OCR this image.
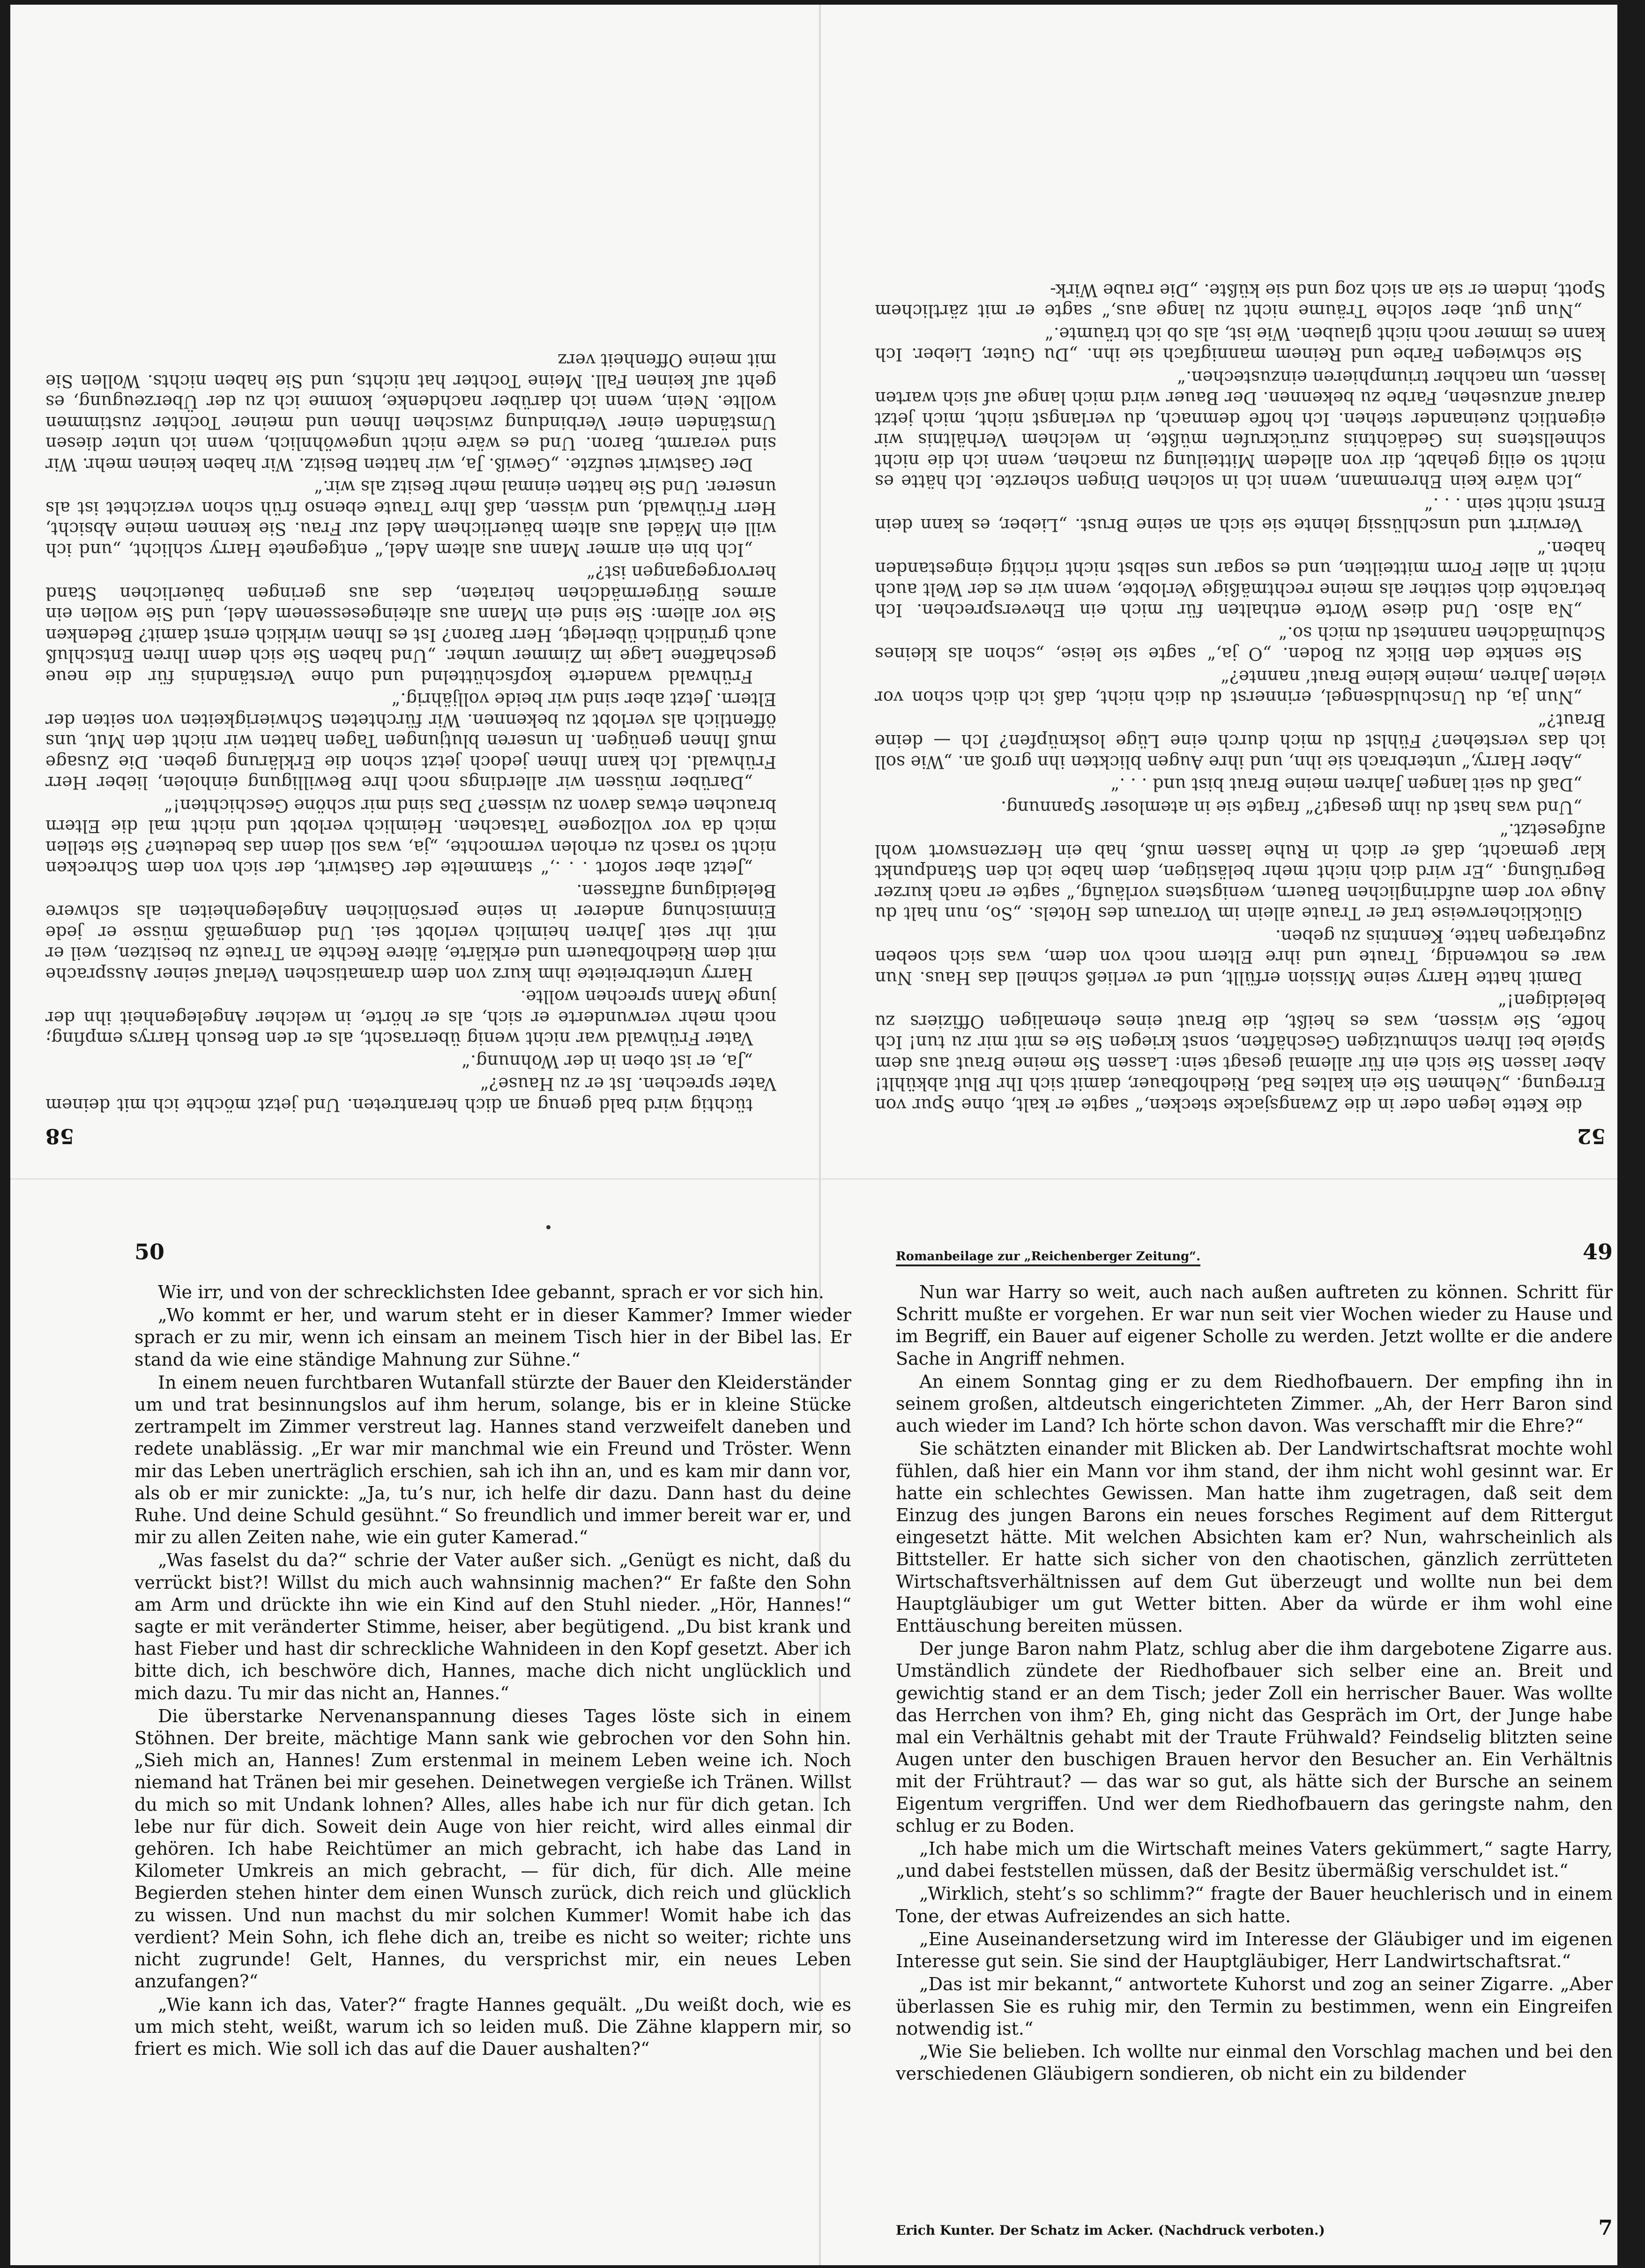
58

tüchtig wird bald genug an dich herantreten. Und jetzt möchte ich mit deinem Vater sprechen. Ist er zu Hause?“

„Ja, er ist oben in der Wohnung.“

Vater Frühwald war nicht wenig überrascht, als er den Besuch Harrys empfing; noch mehr verwunderte er sich, als er hörte, in welcher Angelegenheit ihn der junge Mann sprechen wollte.

Harry unterbreitete ihm kurz von dem dramatischen Verlauf seiner Aussprache mit dem Riedhofbauern und erklärte, ältere Rechte an Traute zu besitzen, weil er mit ihr seit Jahren heimlich verlobt sei. Und demgemäß müsse er jede Einmischung anderer in seine persönlichen Angelegenheiten als schwere Beleidigung auffassen.

„Jetzt aber sofort . . .,“ stammelte der Gastwirt, der sich von dem Schrecken nicht so rasch zu erholen vermochte, „ja, was soll denn das bedeuten? Sie stellen mich da vor vollzogene Tatsachen. Heimlich verlobt und nicht mal die Eltern brauchen etwas davon zu wissen? Das sind mir schöne Geschichten!“

„Darüber müssen wir allerdings noch Ihre Bewilligung einholen, lieber Herr Frühwald. Ich kann Ihnen jedoch jetzt schon die Erklärung geben. Die Zusage muß Ihnen genügen. In unseren blutjungen Tagen hatten wir nicht den Mut, uns öffentlich als verlobt zu bekennen. Wir fürchteten Schwierigkeiten von seiten der Eltern. Jetzt aber sind wir beide volljährig.“

Frühwald wanderte kopfschüttelnd und ohne Verständnis für die neue geschaffene Lage im Zimmer umher. „Und haben Sie sich denn Ihren Entschluß auch gründlich überlegt, Herr Baron? Ist es Ihnen wirklich ernst damit? Bedenken Sie vor allem: Sie sind ein Mann aus alteingesessenem Adel, und Sie wollen ein armes Bürgermädchen heiraten, das aus geringen bäuerlichen Stand hervorgegangen ist?“

„Ich bin ein armer Mann aus altem Adel,“ entgegnete Harry schlicht, „und ich will ein Mädel aus altem bäuerlichem Adel zur Frau. Sie kennen meine Absicht, Herr Frühwald, und wissen, daß Ihre Traute ebenso früh schon verzichtet ist als unserer. Und Sie hatten einmal mehr Besitz als wir.“

Der Gastwirt seufzte. „Gewiß. Ja, wir hatten Besitz. Wir haben keinen mehr. Wir sind verarmt, Baron. Und es wäre nicht ungewöhnlich, wenn ich unter diesen Umständen einer Verbindung zwischen Ihnen und meiner Tochter zustimmen wollte. Nein, wenn ich darüber nachdenke, komme ich zu der Überzeugung, es geht auf keinen Fall. Meine Tochter hat nichts, und Sie haben nichts. Wollen Sie mit meine Offenheit verz

52

die Kette legen oder in die Zwangsjacke stecken,“ sagte er kalt, ohne Spur von Erregung. „Nehmen Sie ein kaltes Bad, Riedhofbauer, damit sich Ihr Blut abkühlt! Aber lassen Sie sich ein für allemal gesagt sein: Lassen Sie meine Braut aus dem Spiele bei Ihren schmutzigen Geschäften, sonst kriegen Sie es mit mir zu tun! Ich hoffe, Sie wissen, was es heißt, die Braut eines ehemaligen Offiziers zu beleidigen!“

Damit hatte Harry seine Mission erfüllt, und er verließ schnell das Haus. Nun war es notwendig, Traute und ihre Eltern noch von dem, was sich soeben zugetragen hatte, Kenntnis zu geben.

Glücklicherweise traf er Traute allein im Vorraum des Hotels. „So, nun halt du Auge vor dem aufdringlichen Bauern, wenigstens vorläufig,“ sagte er nach kurzer Begrüßung. „Er wird dich nicht mehr belästigen, dem habe ich den Standpunkt klar gemacht, daß er dich in Ruhe lassen muß, hab ein Herzenswort wohl aufgesetzt.“

„Und was hast du ihm gesagt?“ fragte sie in atemloser Spannung.

„Daß du seit langen Jahren meine Braut bist und . . .“

„Aber Harry,“ unterbrach sie ihn, und ihre Augen blickten ihn groß an. „Wie soll ich das verstehen? Fühlst du mich durch eine Lüge losknüpfen? Ich — deine Braut?“

„Nun ja, du Unschuldsengel, erinnerst du dich nicht, daß ich dich schon vor vielen Jahren ‚meine kleine Braut‘ nannte?“

Sie senkte den Blick zu Boden. „O ja,“ sagte sie leise, „schon als kleines Schulmädchen nanntest du mich so.“

„Na also. Und diese Worte enthalten für mich ein Eheversprechen. Ich betrachte dich seither als meine rechtmäßige Verlobte, wenn wir es der Welt auch nicht in aller Form mitteilten, und es sogar uns selbst nicht richtig eingestanden haben.“

Verwirrt und unschlüssig lehnte sie sich an seine Brust. „Lieber, es kann dein Ernst nicht sein . . .“

„Ich wäre kein Ehrenmann, wenn ich in solchen Dingen scherzte. Ich hätte es nicht so eilig gehabt, dir von alledem Mitteilung zu machen, wenn ich die nicht schnellstens ins Gedächtnis zurückrufen müßte, in welchem Verhältnis wir eigentlich zueinander stehen. Ich hoffe demnach, du verlangst nicht, mich jetzt darauf anzusehen, Farbe zu bekennen. Der Bauer wird mich lange auf sich warten lassen, um nachher triumphieren einzustechen.“

Sie schwiegen Farbe und Reinem mannigfach sie ihn. „Du Guter, Lieber. Ich kann es immer noch nicht glauben. Wie ist, als ob ich träumte.“

„Nun gut, aber solche Träume nicht zu lange aus,“ sagte er mit zärtlichem Spott, indem er sie an sich zog und sie küßte. „Die raube Wirk-

50

Wie irr, und von der schrecklichsten Idee gebannt, sprach er vor sich hin.

„Wo kommt er her, und warum steht er in dieser Kammer? Immer wieder sprach er zu mir, wenn ich einsam an meinem Tisch hier in der Bibel las. Er stand da wie eine ständige Mahnung zur Sühne.“

In einem neuen furchtbaren Wutanfall stürzte der Bauer den Kleiderständer um und trat besinnungslos auf ihm herum, solange, bis er in kleine Stücke zertrampelt im Zimmer verstreut lag. Hannes stand verzweifelt daneben und redete unablässig. „Er war mir manchmal wie ein Freund und Tröster. Wenn mir das Leben unerträglich erschien, sah ich ihn an, und es kam mir dann vor, als ob er mir zunickte: „Ja, tu’s nur, ich helfe dir dazu. Dann hast du deine Ruhe. Und deine Schuld gesühnt.“ So freundlich und immer bereit war er, und mir zu allen Zeiten nahe, wie ein guter Kamerad.“

„Was faselst du da?“ schrie der Vater außer sich. „Genügt es nicht, daß du verrückt bist?! Willst du mich auch wahnsinnig machen?“ Er faßte den Sohn am Arm und drückte ihn wie ein Kind auf den Stuhl nieder. „Hör, Hannes!“ sagte er mit veränderter Stimme, heiser, aber begütigend. „Du bist krank und hast Fieber und hast dir schreckliche Wahnideen in den Kopf gesetzt. Aber ich bitte dich, ich beschwöre dich, Hannes, mache dich nicht unglücklich und mich dazu. Tu mir das nicht an, Hannes.“

Die überstarke Nervenanspannung dieses Tages löste sich in einem Stöhnen. Der breite, mächtige Mann sank wie gebrochen vor den Sohn hin. „Sieh mich an, Hannes! Zum erstenmal in meinem Leben weine ich. Noch niemand hat Tränen bei mir gesehen. Deinetwegen vergieße ich Tränen. Willst du mich so mit Undank lohnen? Alles, alles habe ich nur für dich getan. Ich lebe nur für dich. Soweit dein Auge von hier reicht, wird alles einmal dir gehören. Ich habe Reichtümer an mich gebracht, ich habe das Land in Kilometer Umkreis an mich gebracht, — für dich, für dich. Alle meine Begierden stehen hinter dem einen Wunsch zurück, dich reich und glücklich zu wissen. Und nun machst du mir solchen Kummer! Womit habe ich das verdient? Mein Sohn, ich flehe dich an, treibe es nicht so weiter; richte uns nicht zugrunde! Gelt, Hannes, du versprichst mir, ein neues Leben anzufangen?“

„Wie kann ich das, Vater?“ fragte Hannes gequält. „Du weißt doch, wie es um mich steht, weißt, warum ich so leiden muß. Die Zähne klappern mir, so friert es mich. Wie soll ich das auf die Dauer aushalten?“

Romanbeilage zur „Reichenberger Zeitung“.	49

Nun war Harry so weit, auch nach außen auftreten zu können. Schritt für Schritt mußte er vorgehen. Er war nun seit vier Wochen wieder zu Hause und im Begriff, ein Bauer auf eigener Scholle zu werden. Jetzt wollte er die andere Sache in Angriff nehmen.

An einem Sonntag ging er zu dem Riedhofbauern. Der empfing ihn in seinem großen, altdeutsch eingerichteten Zimmer. „Ah, der Herr Baron sind auch wieder im Land? Ich hörte schon davon. Was verschafft mir die Ehre?“

Sie schätzten einander mit Blicken ab. Der Landwirtschaftsrat mochte wohl fühlen, daß hier ein Mann vor ihm stand, der ihm nicht wohl gesinnt war. Er hatte ein schlechtes Gewissen. Man hatte ihm zugetragen, daß seit dem Einzug des jungen Barons ein neues forsches Regiment auf dem Rittergut eingesetzt hätte. Mit welchen Absichten kam er? Nun, wahrscheinlich als Bittsteller. Er hatte sich sicher von den chaotischen, gänzlich zerrütteten Wirtschaftsverhältnissen auf dem Gut überzeugt und wollte nun bei dem Hauptgläubiger um gut Wetter bitten. Aber da würde er ihm wohl eine Enttäuschung bereiten müssen.

Der junge Baron nahm Platz, schlug aber die ihm dargebotene Zigarre aus. Umständlich zündete der Riedhofbauer sich selber eine an. Breit und gewichtig stand er an dem Tisch; jeder Zoll ein herrischer Bauer. Was wollte das Herrchen von ihm? Eh, ging nicht das Gespräch im Ort, der Junge habe mal ein Verhältnis gehabt mit der Traute Frühwald? Feindselig blitzten seine Augen unter den buschigen Brauen hervor den Besucher an. Ein Verhältnis mit der Frühtraut? — das war so gut, als hätte sich der Bursche an seinem Eigentum vergriffen. Und wer dem Riedhofbauern das geringste nahm, den schlug er zu Boden.

„Ich habe mich um die Wirtschaft meines Vaters gekümmert,“ sagte Harry, „und dabei feststellen müssen, daß der Besitz übermäßig verschuldet ist.“

„Wirklich, steht’s so schlimm?“ fragte der Bauer heuchlerisch und in einem Tone, der etwas Aufreizendes an sich hatte.

„Eine Auseinandersetzung wird im Interesse der Gläubiger und im eigenen Interesse gut sein. Sie sind der Hauptgläubiger, Herr Landwirtschaftsrat.“

„Das ist mir bekannt,“ antwortete Kuhorst und zog an seiner Zigarre. „Aber überlassen Sie es ruhig mir, den Termin zu bestimmen, wenn ein Eingreifen notwendig ist.“

„Wie Sie belieben. Ich wollte nur einmal den Vorschlag machen und bei den verschiedenen Gläubigern sondieren, ob nicht ein zu bildender

Erich Kunter. Der Schatz im Acker. (Nachdruck verboten.)	7
